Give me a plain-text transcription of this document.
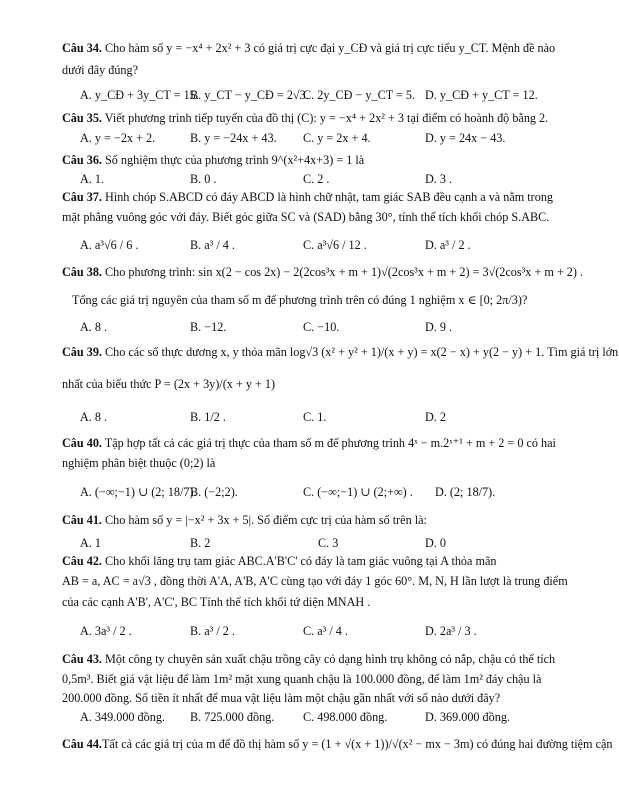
Câu 34. Cho hàm số y = −x⁴ + 2x² + 3 có giá trị cực đại y_CĐ và giá trị cực tiểu y_CT. Mệnh đề nào
dưới đây đúng?
A. y_CĐ + 3y_CT = 15.
B. y_CT − y_CĐ = 2√3.
C. 2y_CĐ − y_CT = 5. D. y_CĐ + y_CT = 12.
Câu 35. Viết phương trình tiếp tuyến của đồ thị (C): y = −x⁴ + 2x² + 3 tại điểm có hoành độ bằng 2.
A. y = −2x + 2.	B. y = −24x + 43. C. y = 2x + 4.	D. y = 24x − 43.
Câu 36. Số nghiệm thực của phương trình 9^(x²+4x+3) = 1 là
A. 1.	B. 0 .	C. 2 .	D. 3 .
Câu 37. Hình chóp S.ABCD có đáy ABCD là hình chữ nhật, tam giác SAB đều cạnh a và nằm trong
mặt phẳng vuông góc với đáy. Biết góc giữa SC và (SAD) bằng 30°, tính thể tích khối chóp S.ABC.
A. a³√6 / 6 .	B. a³ / 4 .	C. a³√6 / 12 .	D. a³ / 2 .
Câu 38. Cho phương trình: sin x(2 − cos 2x) − 2(2cos³x + m + 1)√(2cos³x + m + 2) = 3√(2cos³x + m + 2) .
Tổng các giá trị nguyên của tham số m để phương trình trên có đúng 1 nghiệm x ∈ [0; 2π/3)?
A. 8 .	B. −12.	C. −10.	D. 9 .
Câu 39. Cho các số thực dương x, y thỏa mãn log√3 (x² + y² + 1)/(x + y) = x(2 − x) + y(2 − y) + 1. Tìm giá trị lớn
nhất của biểu thức P = (2x + 3y)/(x + y + 1)
A. 8 .	B. 1/2 .	C. 1.	D. 2
Câu 40. Tập hợp tất cả các giá trị thực của tham số m để phương trình 4ˣ − m.2ˣ⁺¹ + m + 2 = 0 có hai
nghiệm phân biệt thuộc (0;2) là
A. (−∞;−1) ∪ (2; 18/7).
B. (−2;2).	C. (−∞;−1) ∪ (2;+∞) . D. (2; 18/7).
Câu 41. Cho hàm số y = |−x² + 3x + 5|. Số điểm cực trị của hàm số trên là:
A. 1	B. 2	C. 3	D. 0
Câu 42. Cho khối lăng trụ tam giác ABC.A'B'C' có đáy là tam giác vuông tại A thỏa mãn
AB = a, AC = a√3 , đồng thời A'A, A'B, A'C cùng tạo với đáy 1 góc 60°. M, N, H lần lượt là trung điểm
của các cạnh A'B', A'C', BC Tính thể tích khối tứ diện MNAH .
A. 3a³ / 2 .	B. a³ / 2 .	C. a³ / 4 .	D. 2a³ / 3 .
Câu 43. Một công ty chuyên sản xuất chậu trồng cây có dạng hình trụ không có nắp, chậu có thể tích
0,5m³. Biết giá vật liệu để làm 1m² mặt xung quanh chậu là 100.000 đồng, để làm 1m² đáy chậu là
200.000 đồng. Số tiền ít nhất để mua vật liệu làm một chậu gần nhất với số nào dưới đây?
A. 349.000 đồng. B. 725.000 đồng. C. 498.000 đồng.	D. 369.000 đồng.
Câu 44.Tất cả các giá trị của m để đồ thị hàm số y = (1 + √(x + 1))/√(x² − mx − 3m) có đúng hai đường tiệm cận
